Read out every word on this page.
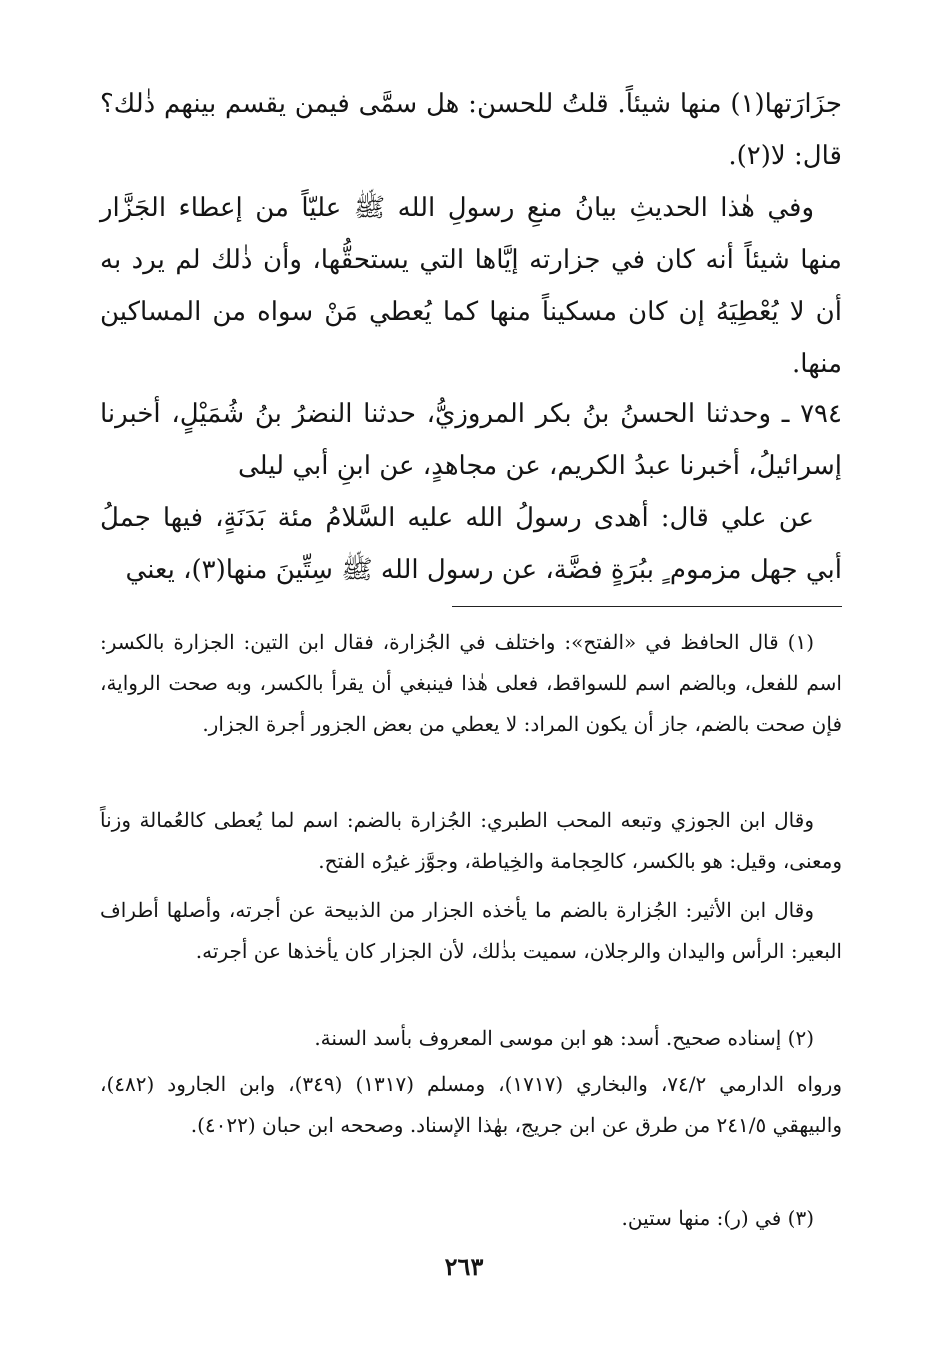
جزَارَتها(١) منها شيئاً. قلتُ للحسن: هل سمَّى فيمن يقسم بينهم ذٰلك؟ قال: لا(٢).

وفي هٰذا الحديثِ بيانُ منعِ رسولِ الله ﷺ عليّاً من إعطاء الجَزَّار منها شيئاً أنه كان في جزارته إيَّاها التي يستحقُّها، وأن ذٰلك لم يرد به أن لا يُعْطِيَهُ إن كان مسكيناً منها كما يُعطي مَنْ سواه من المساكين منها.

٧٩٤ ـ وحدثنا الحسنُ بنُ بكر المروزيُّ، حدثنا النضرُ بنُ شُمَيْلٍ، أخبرنا إسرائيلُ، أخبرنا عبدُ الكريم، عن مجاهدٍ، عن ابنِ أبي ليلى

عن علي قال: أهدى رسولُ الله عليه السَّلامُ مئة بَدَنَةٍ، فيها جملُ أبي جهل مزموم ٍ ببُرَةٍ فضَّة، عن رسول الله ﷺ سِتِّينَ منها(٣)، يعني

(١) قال الحافظ في «الفتح»: واختلف في الجُزارة، فقال ابن التين: الجزارة بالكسر: اسم للفعل، وبالضم اسم للسواقط، فعلى هٰذا فينبغي أن يقرأ بالكسر، وبه صحت الرواية، فإن صحت بالضم، جاز أن يكون المراد: لا يعطي من بعض الجزور أجرة الجزار.

وقال ابن الجوزي وتبعه المحب الطبري: الجُزارة بالضم: اسم لما يُعطى كالعُمالة وزناً ومعنى، وقيل: هو بالكسر، كالحِجامة والخِياطة، وجوَّز غيرُه الفتح.

وقال ابن الأثير: الجُزارة بالضم ما يأخذه الجزار من الذبيحة عن أجرته، وأصلها أطراف البعير: الرأس واليدان والرجلان، سميت بذٰلك، لأن الجزار كان يأخذها عن أجرته.

(٢) إسناده صحيح. أسد: هو ابن موسى المعروف بأسد السنة.

ورواه الدارمي ٧٤/٢، والبخاري (١٧١٧)، ومسلم (١٣١٧) (٣٤٩)، وابن الجارود (٤٨٢)، والبيهقي ٢٤١/٥ من طرق عن ابن جريج، بهٰذا الإسناد. وصححه ابن حبان (٤٠٢٢).

(٣) في (ر): منها ستين.

٢٦٣
